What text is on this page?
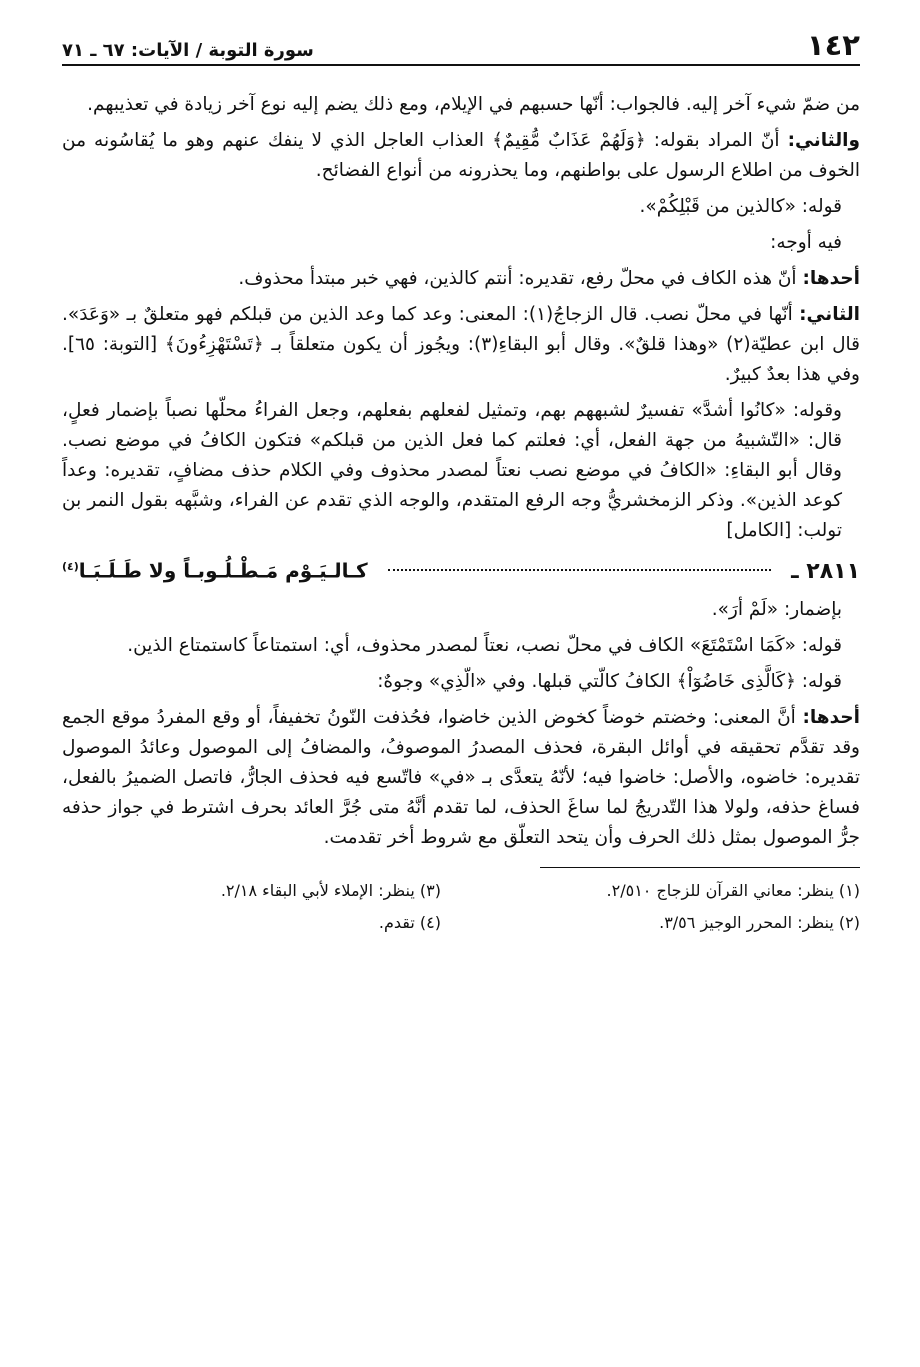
١٤٢
سورة التوبة / الآيات: ٦٧ ـ ٧١

من ضمّ شيء آخر إليه. فالجواب: أنّها حسبهم في الإيلام، ومع ذلك يضم إليه نوع آخر زيادة في تعذيبهم.

والثاني: أنّ المراد بقوله: ﴿وَلَهُمْ عَذَابٌ مُّقِيمٌ﴾ العذاب العاجل الذي لا ينفك عنهم وهو ما يُقاسُونه من الخوف من اطلاع الرسول على بواطنهم، وما يحذرونه من أنواع الفضائح.

قوله: «كالذين من قَبْلِكُمْ».

فيه أوجه:

أحدها: أنّ هذه الكاف في محلّ رفع، تقديره: أنتم كالذين، فهي خبر مبتدأ محذوف.

الثاني: أنّها في محلّ نصب. قال الزجاجُ(١): المعنى: وعد كما وعد الذين من قبلكم فهو متعلقٌ بـ «وَعَدَ». قال ابن عطيّة(٢) «وهذا قلقٌ». وقال أبو البقاءِ(٣): ويجُوز أن يكون متعلقاً بـ ﴿تَسْتَهْزِءُونَ﴾ [التوبة: ٦٥]. وفي هذا بعدٌ كبيرٌ.

وقوله: «كانُوا أشدَّ» تفسيرٌ لشبههم بهم، وتمثيل لفعلهم بفعلهم، وجعل الفراءُ محلّها نصباً بإضمار فعلٍ، قال: «التّشبيهُ من جهة الفعل، أي: فعلتم كما فعل الذين من قبلكم» فتكون الكافُ في موضع نصب. وقال أبو البقاءِ: «الكافُ في موضع نصب نعتاً لمصدر محذوف وفي الكلام حذف مضافٍ، تقديره: وعداً كوعد الذين». وذكر الزمخشريُّ وجه الرفع المتقدم، والوجه الذي تقدم عن الفراء، وشبَّهه بقول النمر بن تولب: [الكامل]

٢٨١١ ـ
كـالـيَـوْم مَـطْـلُـوبـاً ولا طَـلَـبَـا$^{(٤)}$

بإضمار: «لَمْ أرَ».

قوله: «كَمَا اسْتَمْتَعَ» الكاف في محلّ نصب، نعتاً لمصدر محذوف، أي: استمتاعاً كاستمتاع الذين.

قوله: ﴿كَالَّذِى خَاضُوٓاْ﴾ الكافُ كالّتي قبلها. وفي «الّذِي» وجوهٌ:

أحدها: أنَّ المعنى: وخضتم خوضاً كخوض الذين خاضوا، فحُذفت النّونُ تخفيفاً، أو وقع المفردُ موقع الجمع وقد تقدَّم تحقيقه في أوائل البقرة، فحذف المصدرُ الموصوفُ، والمضافُ إلى الموصول وعائدُ الموصول تقديره: خاضوه، والأصل: خاضوا فيه؛ لأنّهُ يتعدَّى بـ «في» فاتّسع فيه فحذف الجارُّ، فاتصل الضميرُ بالفعل، فساغ حذفه، ولولا هذا التّدريجُ لما ساغَ الحذف، لما تقدم أنَّهُ متى جُرَّ العائد بحرف اشترط في جواز حذفه جرُّ الموصول بمثل ذلك الحرف وأن يتحد التعلّق مع شروط أخر تقدمت.

(١) ينظر: معاني القرآن للزجاج ٢/٥١٠.
(٣) ينظر: الإملاء لأبي البقاء ٢/١٨.
(٢) ينظر: المحرر الوجيز ٣/٥٦.
(٤) تقدم.
